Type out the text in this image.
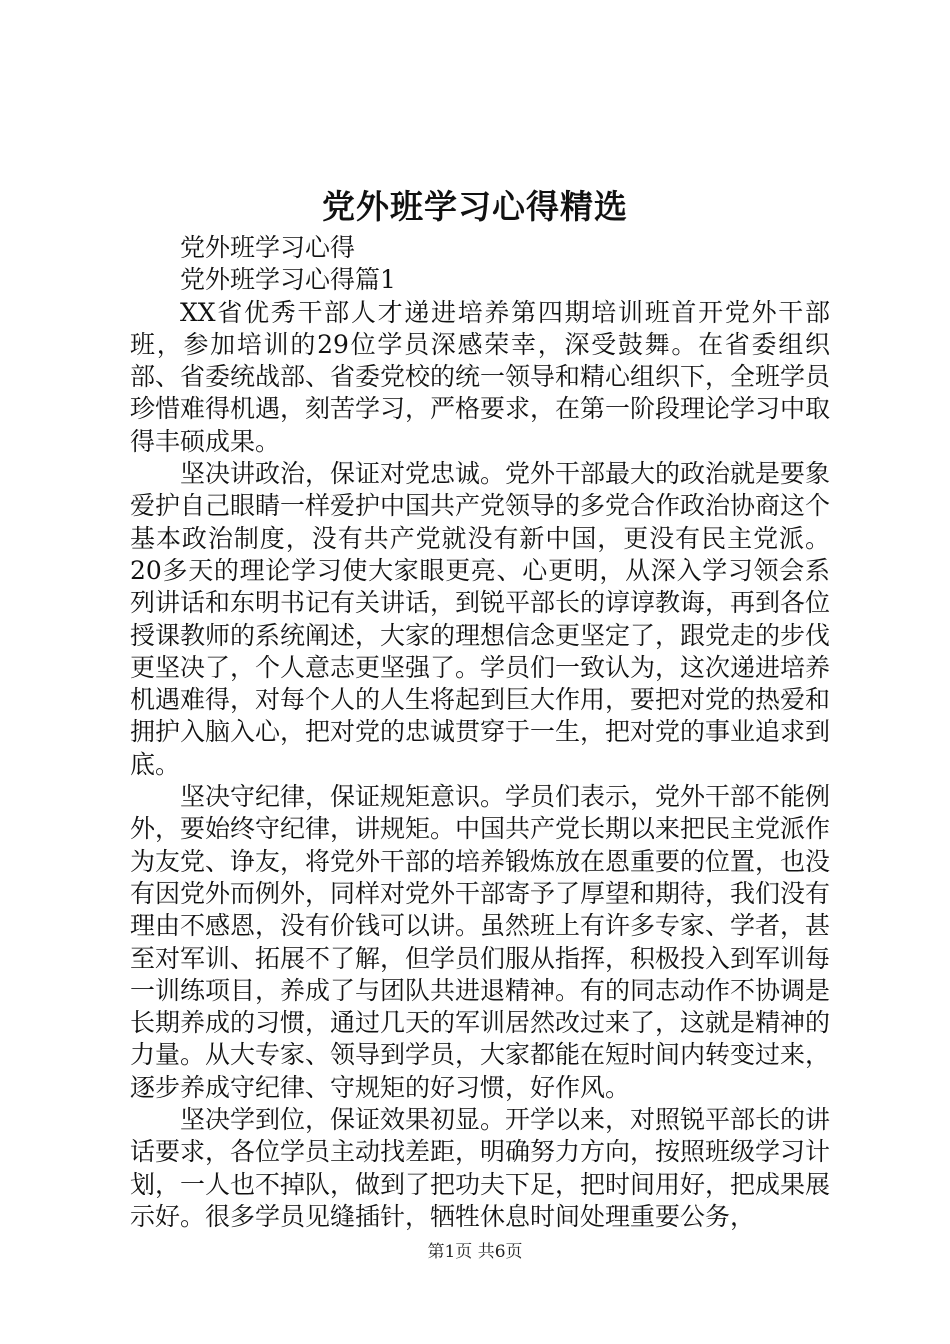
党外班学习心得精选

党外班学习心得

党外班学习心得篇1

XX省优秀干部人才递进培养第四期培训班首开党外干部班，参加培训的29位学员深感荣幸，深受鼓舞。在省委组织部、省委统战部、省委党校的统一领导和精心组织下，全班学员珍惜难得机遇，刻苦学习，严格要求，在第一阶段理论学习中取得丰硕成果。

坚决讲政治，保证对党忠诚。党外干部最大的政治就是要象爱护自己眼睛一样爱护中国共产党领导的多党合作政治协商这个基本政治制度，没有共产党就没有新中国，更没有民主党派。20多天的理论学习使大家眼更亮、心更明，从深入学习领会系列讲话和东明书记有关讲话，到锐平部长的谆谆教诲，再到各位授课教师的系统阐述，大家的理想信念更坚定了，跟党走的步伐更坚决了，个人意志更坚强了。学员们一致认为，这次递进培养机遇难得，对每个人的人生将起到巨大作用，要把对党的热爱和拥护入脑入心，把对党的忠诚贯穿于一生，把对党的事业追求到底。

坚决守纪律，保证规矩意识。学员们表示，党外干部不能例外，要始终守纪律，讲规矩。中国共产党长期以来把民主党派作为友党、诤友，将党外干部的培养锻炼放在恩重要的位置，也没有因党外而例外，同样对党外干部寄予了厚望和期待，我们没有理由不感恩，没有价钱可以讲。虽然班上有许多专家、学者，甚至对军训、拓展不了解，但学员们服从指挥，积极投入到军训每一训练项目，养成了与团队共进退精神。有的同志动作不协调是长期养成的习惯，通过几天的军训居然改过来了，这就是精神的力量。从大专家、领导到学员，大家都能在短时间内转变过来，逐步养成守纪律、守规矩的好习惯，好作风。

坚决学到位，保证效果初显。开学以来，对照锐平部长的讲话要求，各位学员主动找差距，明确努力方向，按照班级学习计划，一人也不掉队，做到了把功夫下足，把时间用好，把成果展示好。很多学员见缝插针，牺牲休息时间处理重要公务，

第1页 共6页
